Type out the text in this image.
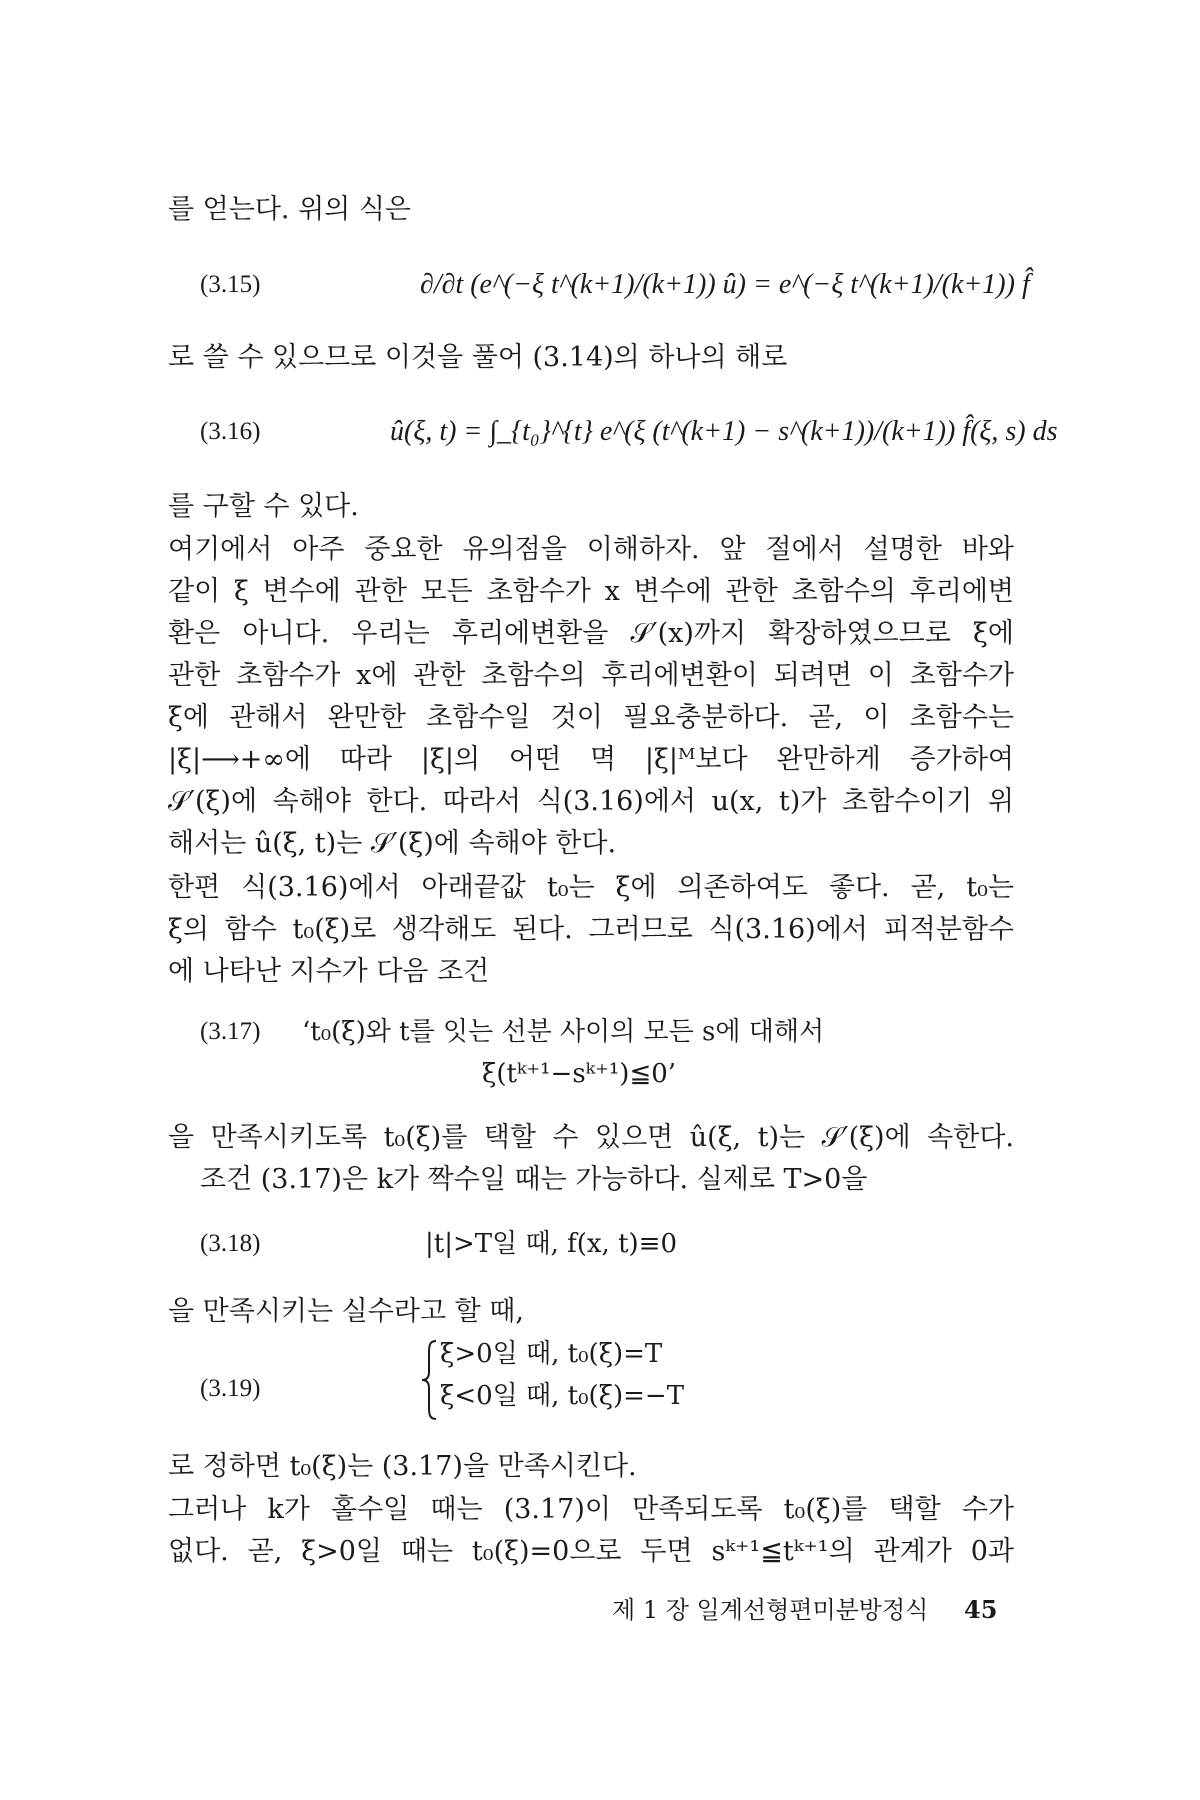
를 얻는다. 위의 식은
(3.15)	∂/∂t (e^(−ξ t^(k+1)/(k+1)) û) = e^(−ξ t^(k+1)/(k+1)) f̂
로 쓸 수 있으므로 이것을 풀어 (3.14)의 하나의 해로
(3.16)	û(ξ, t) = ∫_{t₀}^{t} e^(ξ (t^(k+1) − s^(k+1))/(k+1)) f̂(ξ, s) ds
를 구할 수 있다.
여기에서 아주 중요한 유의점을 이해하자. 앞 절에서 설명한 바와
같이 ξ 변수에 관한 모든 초함수가 x 변수에 관한 초함수의 후리에변
환은 아니다. 우리는 후리에변환을 𝒮′(x)까지 확장하였으므로 ξ에
관한 초함수가 x에 관한 초함수의 후리에변환이 되려면 이 초함수가
ξ에 관해서 완만한 초함수일 것이 필요충분하다. 곧, 이 초함수는
|ξ|⟶+∞에 따라 |ξ|의 어떤 멱 |ξ|ᴹ보다 완만하게 증가하여
𝒮′(ξ)에 속해야 한다. 따라서 식(3.16)에서 u(x, t)가 초함수이기 위
해서는 û(ξ, t)는 𝒮′(ξ)에 속해야 한다.
한편 식(3.16)에서 아래끝값 t₀는 ξ에 의존하여도 좋다. 곧, t₀는
ξ의 함수 t₀(ξ)로 생각해도 된다. 그러므로 식(3.16)에서 피적분함수
에 나타난 지수가 다음 조건
(3.17) ‘t₀(ξ)와 t를 잇는 선분 사이의 모든 s에 대해서
ξ(tᵏ⁺¹−sᵏ⁺¹)≦0’
을 만족시키도록 t₀(ξ)를 택할 수 있으면 û(ξ, t)는 𝒮′(ξ)에 속한다.
조건 (3.17)은 k가 짝수일 때는 가능하다. 실제로 T>0을
(3.18)	|t|>T일 때, f(x, t)≡0
을 만족시키는 실수라고 할 때,
(3.19)
ξ>0일 때, t₀(ξ)=T
ξ<0일 때, t₀(ξ)=−T
로 정하면 t₀(ξ)는 (3.17)을 만족시킨다.
그러나 k가 홀수일 때는 (3.17)이 만족되도록 t₀(ξ)를 택할 수가
없다. 곧, ξ>0일 때는 t₀(ξ)=0으로 두면 sᵏ⁺¹≦tᵏ⁺¹의 관계가 0과
제 1 장 일계선형편미분방정식 45
